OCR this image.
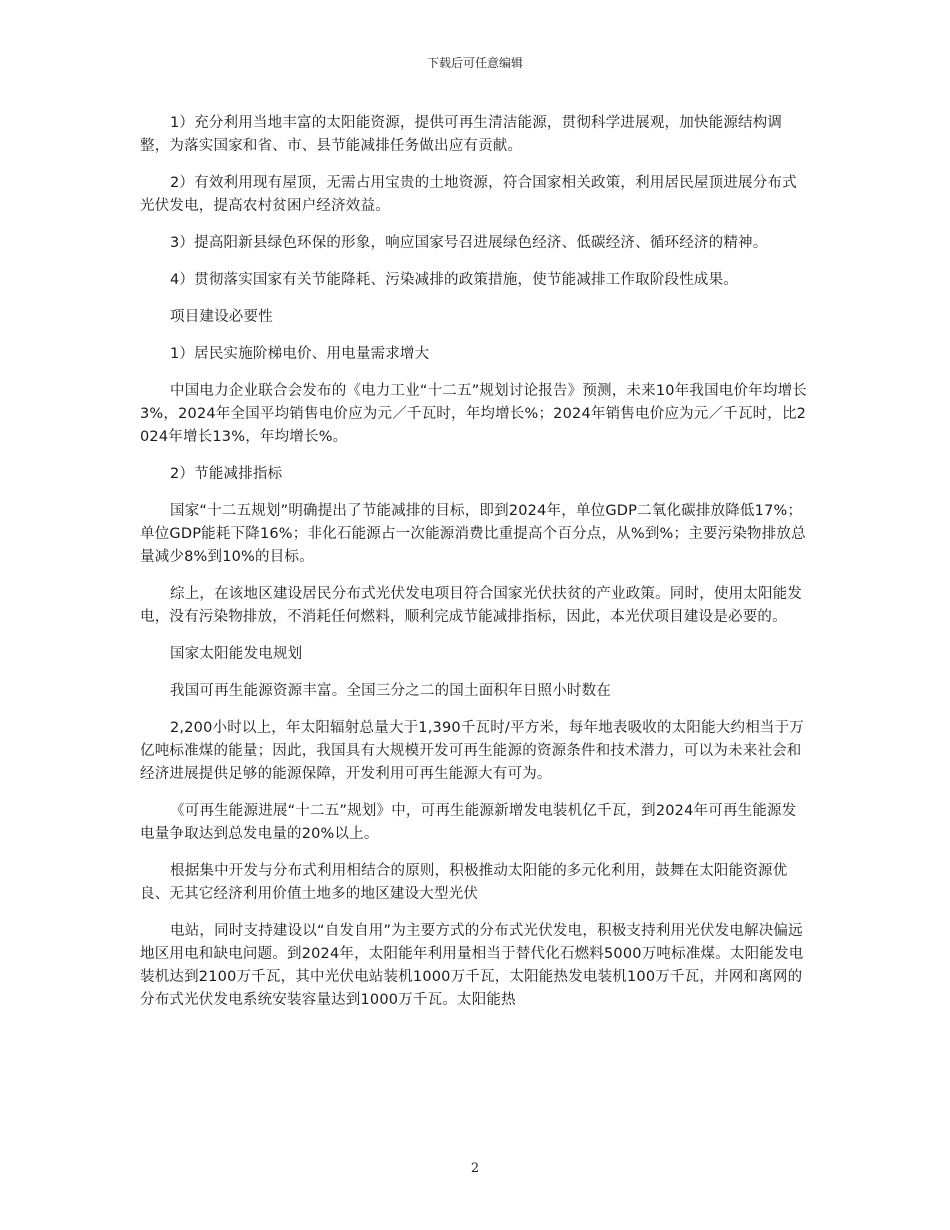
下载后可任意编辑

1）充分利用当地丰富的太阳能资源，提供可再生清洁能源，贯彻科学进展观，加快能源结构调整，为落实国家和省、市、县节能减排任务做出应有贡献。

2）有效利用现有屋顶，无需占用宝贵的土地资源，符合国家相关政策，利用居民屋顶进展分布式光伏发电，提高农村贫困户经济效益。

3）提高阳新县绿色环保的形象，响应国家号召进展绿色经济、低碳经济、循环经济的精神。

4）贯彻落实国家有关节能降耗、污染减排的政策措施，使节能减排工作取阶段性成果。

项目建设必要性

1）居民实施阶梯电价、用电量需求增大

中国电力企业联合会发布的《电力工业“十二五”规划讨论报告》预测，未来10年我国电价年均增长3%，2024年全国平均销售电价应为元／千瓦时，年均增长%；2024年销售电价应为元／千瓦时，比2024年增长13%，年均增长%。

2）节能减排指标

国家“十二五规划”明确提出了节能减排的目标，即到2024年，单位GDP二氧化碳排放降低17%；单位GDP能耗下降16%；非化石能源占一次能源消费比重提高个百分点，从%到%；主要污染物排放总量减少8%到10%的目标。

综上，在该地区建设居民分布式光伏发电项目符合国家光伏扶贫的产业政策。同时，使用太阳能发电，没有污染物排放，不消耗任何燃料，顺利完成节能减排指标，因此，本光伏项目建设是必要的。

国家太阳能发电规划

我国可再生能源资源丰富。全国三分之二的国土面积年日照小时数在

2,200小时以上，年太阳辐射总量大于1,390千瓦时/平方米，每年地表吸收的太阳能大约相当于万亿吨标准煤的能量；因此，我国具有大规模开发可再生能源的资源条件和技术潜力，可以为未来社会和经济进展提供足够的能源保障，开发利用可再生能源大有可为。

《可再生能源进展“十二五”规划》中，可再生能源新增发电装机亿千瓦，到2024年可再生能源发电量争取达到总发电量的20%以上。

根据集中开发与分布式利用相结合的原则，积极推动太阳能的多元化利用，鼓舞在太阳能资源优良、无其它经济利用价值土地多的地区建设大型光伏

电站，同时支持建设以“自发自用”为主要方式的分布式光伏发电，积极支持利用光伏发电解决偏远地区用电和缺电问题。到2024年，太阳能年利用量相当于替代化石燃料5000万吨标准煤。太阳能发电装机达到2100万千瓦，其中光伏电站装机1000万千瓦，太阳能热发电装机100万千瓦，并网和离网的分布式光伏发电系统安装容量达到1000万千瓦。太阳能热

2
